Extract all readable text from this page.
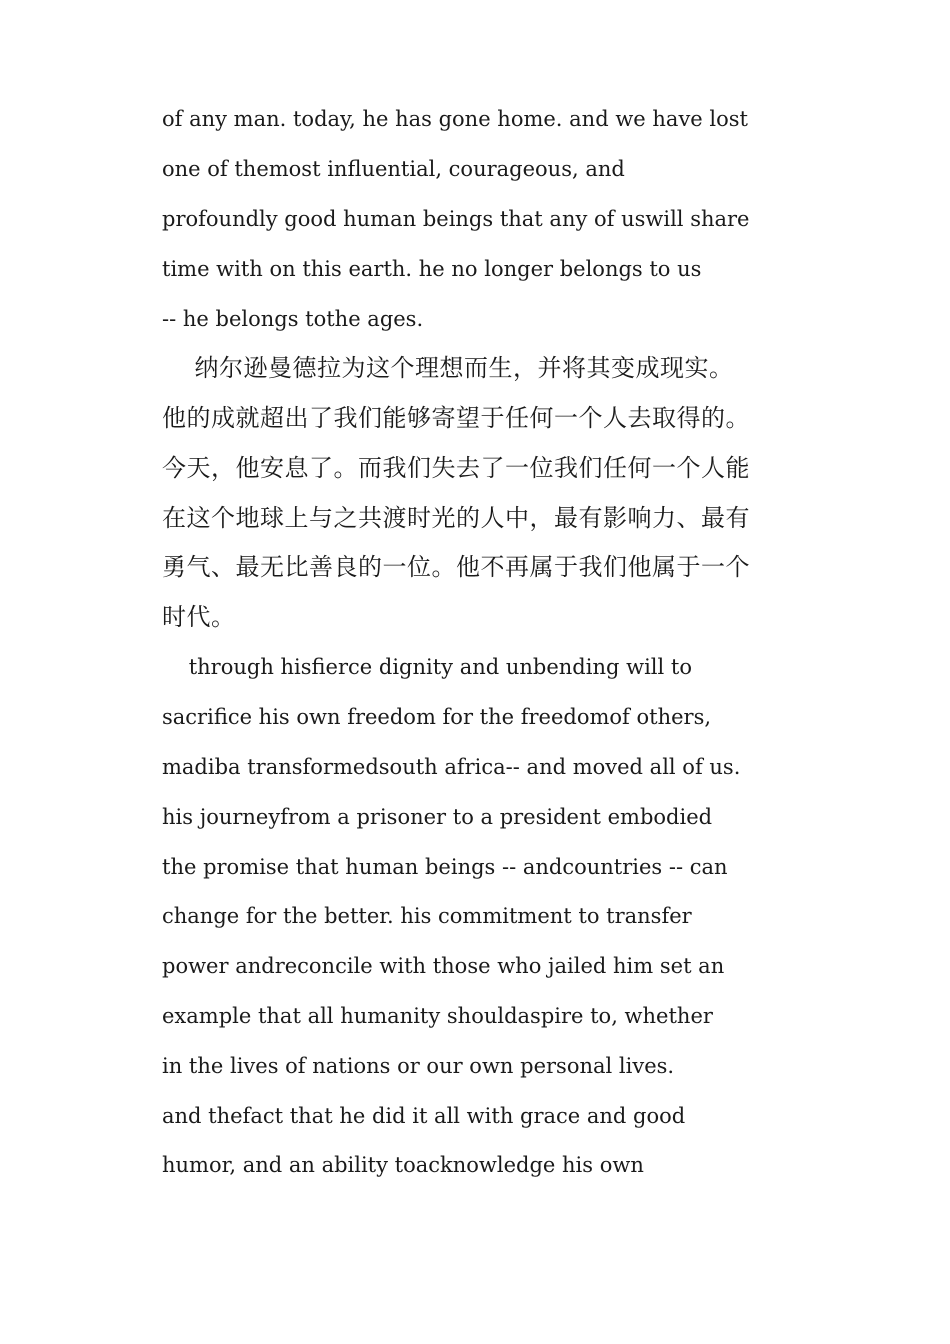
of any man. today, he has gone home. and we have lost
one of themost influential, courageous, and
profoundly good human beings that any of uswill share
time with on this earth. he no longer belongs to us
-- he belongs tothe ages.
纳尔逊曼德拉为这个理想而生，并将其变成现实。
他的成就超出了我们能够寄望于任何一个人去取得的。
今天，他安息了。而我们失去了一位我们任何一个人能
在这个地球上与之共渡时光的人中，最有影响力、最有
勇气、最无比善良的一位。他不再属于我们他属于一个
时代。
through hisfierce dignity and unbending will to
sacrifice his own freedom for the freedomof others,
madiba transformedsouth africa-- and moved all of us.
his journeyfrom a prisoner to a president embodied
the promise that human beings -- andcountries -- can
change for the better. his commitment to transfer
power andreconcile with those who jailed him set an
example that all humanity shouldaspire to, whether
in the lives of nations or our own personal lives.
and thefact that he did it all with grace and good
humor, and an ability toacknowledge his own
